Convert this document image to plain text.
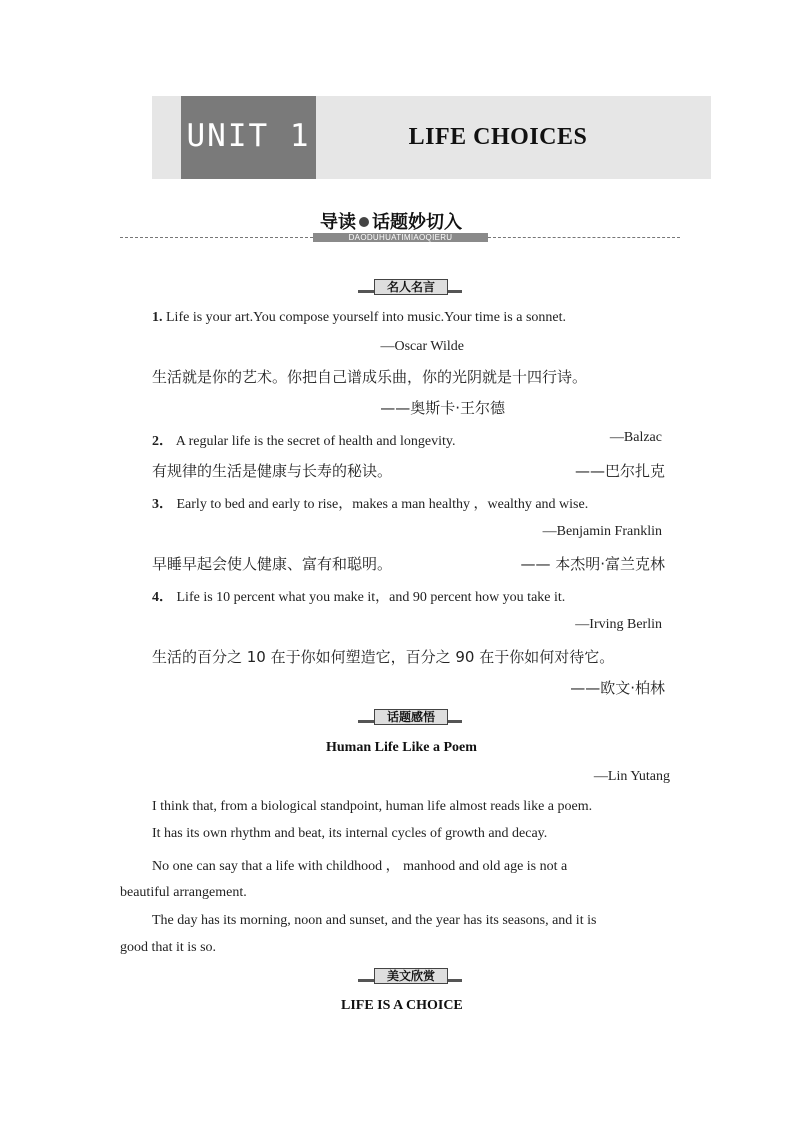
UNIT 1	LIFE CHOICES
导读 话题妙切入
DAODUHUATIMIAOQIERU
名人名言
1. Life is your art.You compose yourself into music.Your time is a sonnet.
—Oscar Wilde
生活就是你的艺术。你把自己谱成乐曲，你的光阴就是十四行诗。
——奥斯卡·王尔德
2． A regular life is the secret of health and longevity.	—Balzac
有规律的生活是健康与长寿的秘诀。	——巴尔扎克
3． Early to bed and early to rise，makes a man healthy ，wealthy and wise.
—Benjamin Franklin
早睡早起会使人健康、富有和聪明。	—— 本杰明·富兰克林
4． Life is 10 percent what you make it，and 90 percent how you take it.
—Irving Berlin
生活的百分之 10 在于你如何塑造它，百分之 90 在于你如何对待它。
——欧文·柏林
话题感悟
Human Life Like a Poem
—Lin Yutang
I think that, from a biological standpoint, human life almost reads like a poem.
It has its own rhythm and beat, its internal cycles of growth and decay.
No one can say that a life with childhood ， manhood and old age is not a
beautiful arrangement.
The day has its morning, noon and sunset, and the year has its seasons, and it is
good that it is so.
美文欣赏
LIFE IS A CHOICE
